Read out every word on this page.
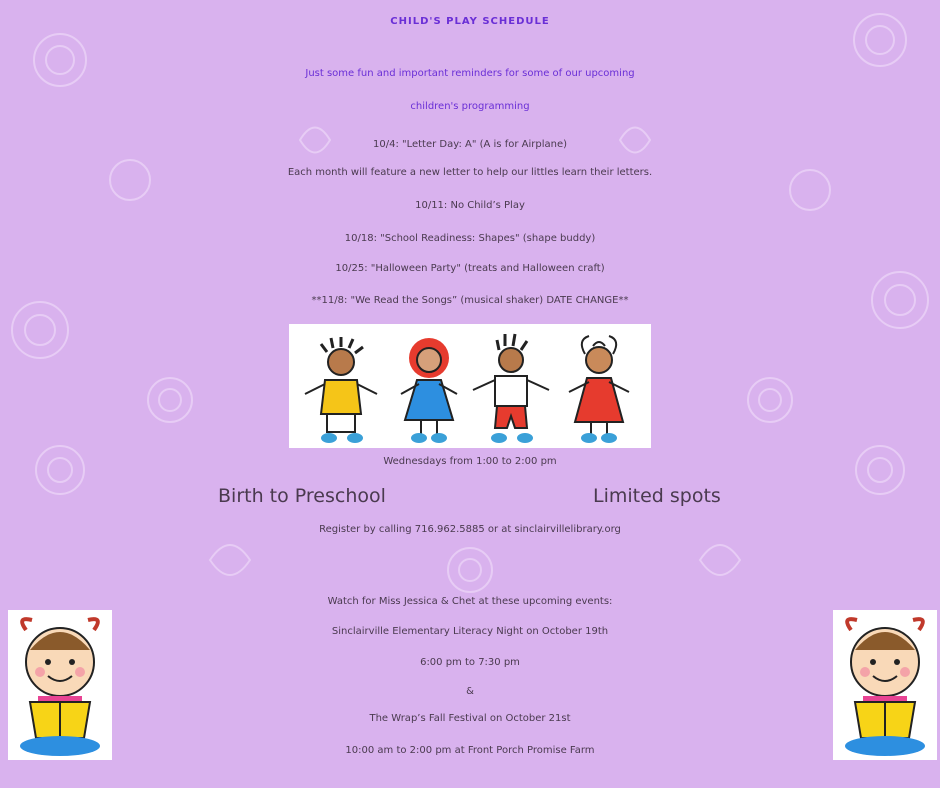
CHILD'S PLAY SCHEDULE
Just some fun and important reminders for some of our upcoming
children's programming
10/4: "Letter Day: A" (A is for Airplane)
Each month will feature a new letter to help our littles learn their letters.
10/11: No Child’s Play
10/18: "School Readiness: Shapes" (shape buddy)
10/25: "Halloween Party" (treats and Halloween craft)
**11/8: "We Read the Songs” (musical shaker) DATE CHANGE**
Wednesdays from 1:00 to 2:00 pm
Birth to Preschool	Limited spots
Register by calling 716.962.5885 or at sinclairvillelibrary.org
Watch for Miss Jessica & Chet at these upcoming events:
Sinclairville Elementary Literacy Night on October 19th
6:00 pm to 7:30 pm
&
The Wrap’s Fall Festival on October 21st
10:00 am to 2:00 pm at Front Porch Promise Farm
